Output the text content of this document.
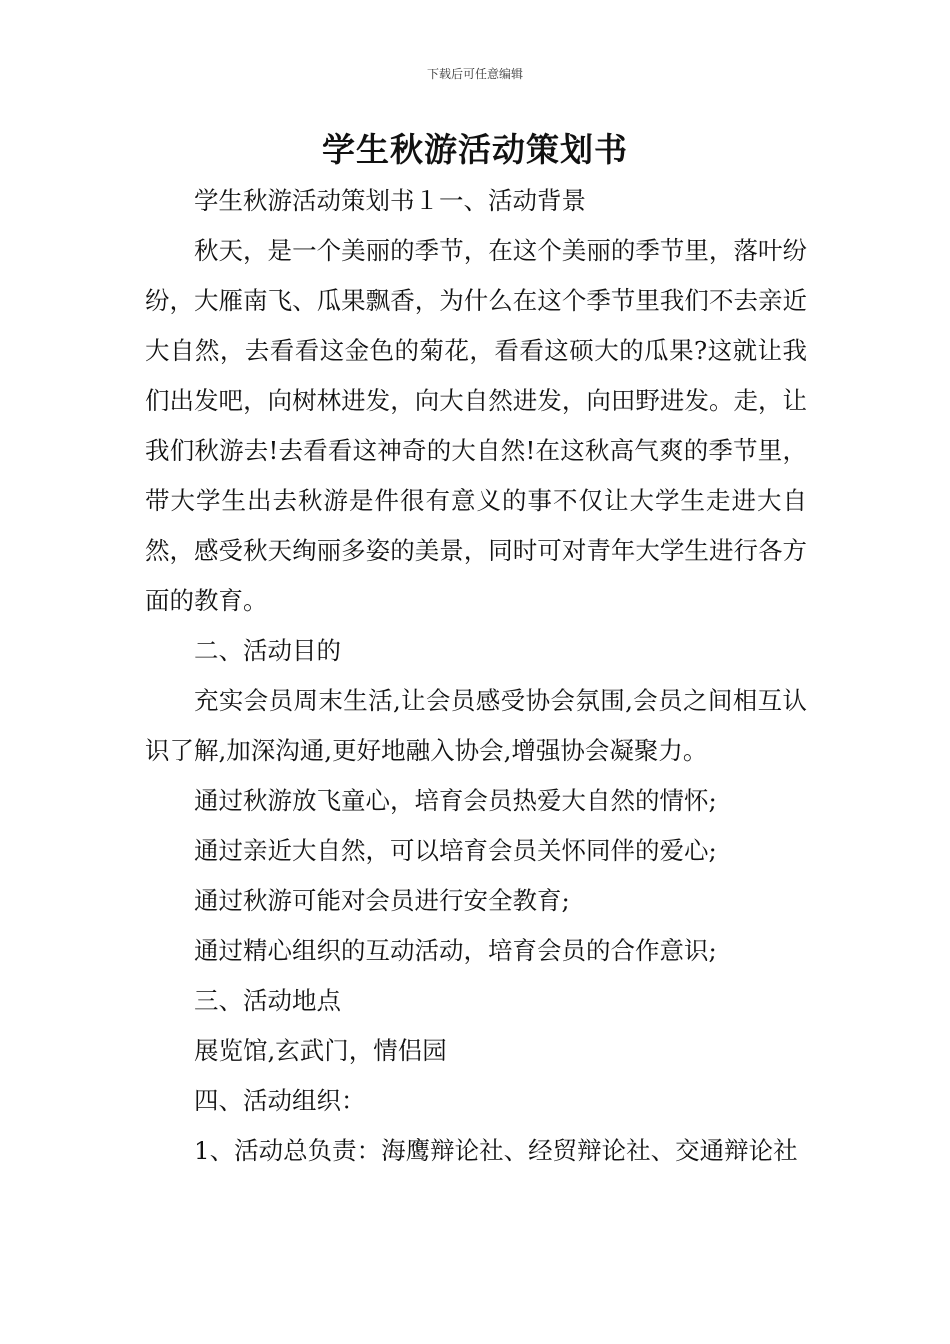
下载后可任意编辑
学生秋游活动策划书

学生秋游活动策划书１一、活动背景

秋天，是一个美丽的季节，在这个美丽的季节里，落叶纷纷，大雁南飞、瓜果飘香，为什么在这个季节里我们不去亲近大自然，去看看这金色的菊花，看看这硕大的瓜果?这就让我们出发吧，向树林进发，向大自然进发，向田野进发。走，让我们秋游去!去看看这神奇的大自然!在这秋高气爽的季节里，带大学生出去秋游是件很有意义的事不仅让大学生走进大自然，感受秋天绚丽多姿的美景，同时可对青年大学生进行各方面的教育。

二、活动目的

充实会员周末生活,让会员感受协会氛围,会员之间相互认识了解,加深沟通,更好地融入协会,增强协会凝聚力。

通过秋游放飞童心，培育会员热爱大自然的情怀;

通过亲近大自然，可以培育会员关怀同伴的爱心;

通过秋游可能对会员进行安全教育;

通过精心组织的互动活动，培育会员的合作意识;

三、活动地点

展览馆,玄武门，情侣园

四、活动组织：

1、活动总负责：海鹰辩论社、经贸辩论社、交通辩论社
